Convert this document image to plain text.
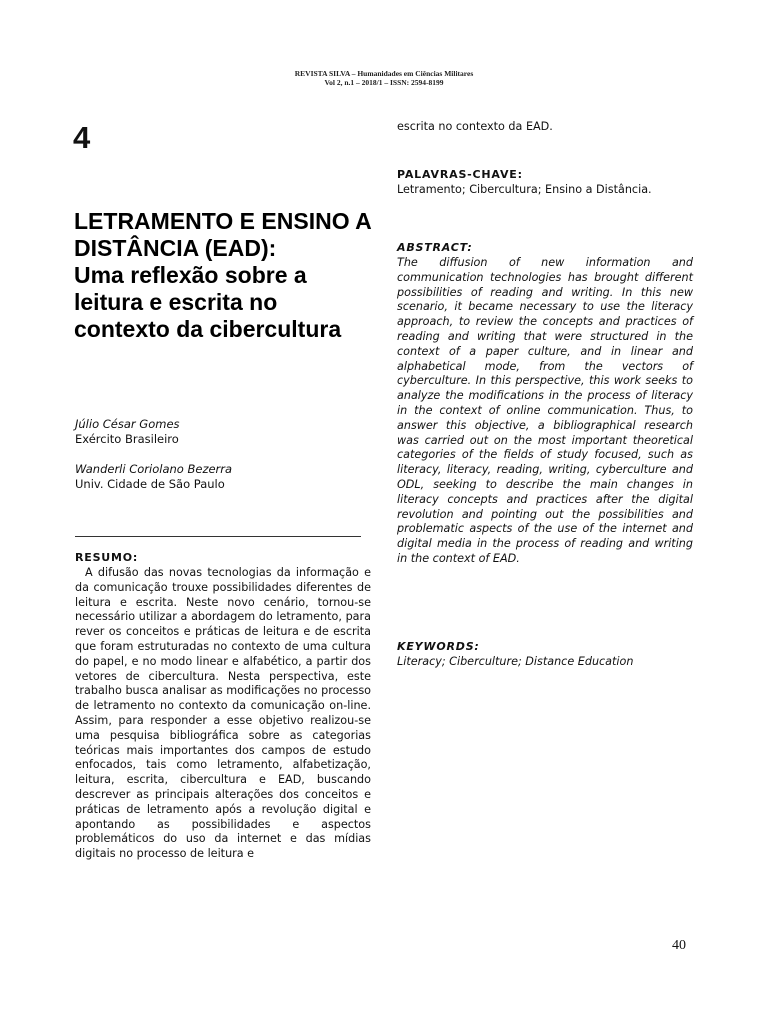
REVISTA SILVA – Humanidades em Ciências Militares
Vol 2, n.1 – 2018/1 – ISSN: 2594-8199
4
LETRAMENTO E ENSINO A DISTÂNCIA (EAD):
Uma reflexão sobre a leitura e escrita no contexto da cibercultura
Júlio César Gomes
Exército Brasileiro
Wanderli Coriolano Bezerra
Univ. Cidade de São Paulo
RESUMO:

A difusão das novas tecnologias da informação e da comunicação trouxe possibilidades diferentes de leitura e escrita. Neste novo cenário, tornou-se necessário utilizar a abordagem do letramento, para rever os conceitos e práticas de leitura e de escrita que foram estruturadas no contexto de uma cultura do papel, e no modo linear e alfabético, a partir dos vetores de cibercultura. Nesta perspectiva, este trabalho busca analisar as modificações no processo de letramento no contexto da comunicação on-line. Assim, para responder a esse objetivo realizou-se uma pesquisa bibliográfica sobre as categorias teóricas mais importantes dos campos de estudo enfocados, tais como letramento, alfabetização, leitura, escrita, cibercultura e EAD, buscando descrever as principais alterações dos conceitos e práticas de letramento após a revolução digital e apontando as possibilidades e aspectos problemáticos do uso da internet e das mídias digitais no processo de leitura e

escrita no contexto da EAD.

PALAVRAS-CHAVE:

Letramento; Cibercultura; Ensino a Distância.

ABSTRACT:

The diffusion of new information and communication technologies has brought different possibilities of reading and writing. In this new scenario, it became necessary to use the literacy approach, to review the concepts and practices of reading and writing that were structured in the context of a paper culture, and in linear and alphabetical mode, from the vectors of cyberculture. In this perspective, this work seeks to analyze the modifications in the process of literacy in the context of online communication. Thus, to answer this objective, a bibliographical research was carried out on the most important theoretical categories of the fields of study focused, such as literacy, literacy, reading, writing, cyberculture and ODL, seeking to describe the main changes in literacy concepts and practices after the digital revolution and pointing out the possibilities and problematic aspects of the use of the internet and digital media in the process of reading and writing in the context of EAD.

KEYWORDS:

Literacy; Ciberculture; Distance Education

40
